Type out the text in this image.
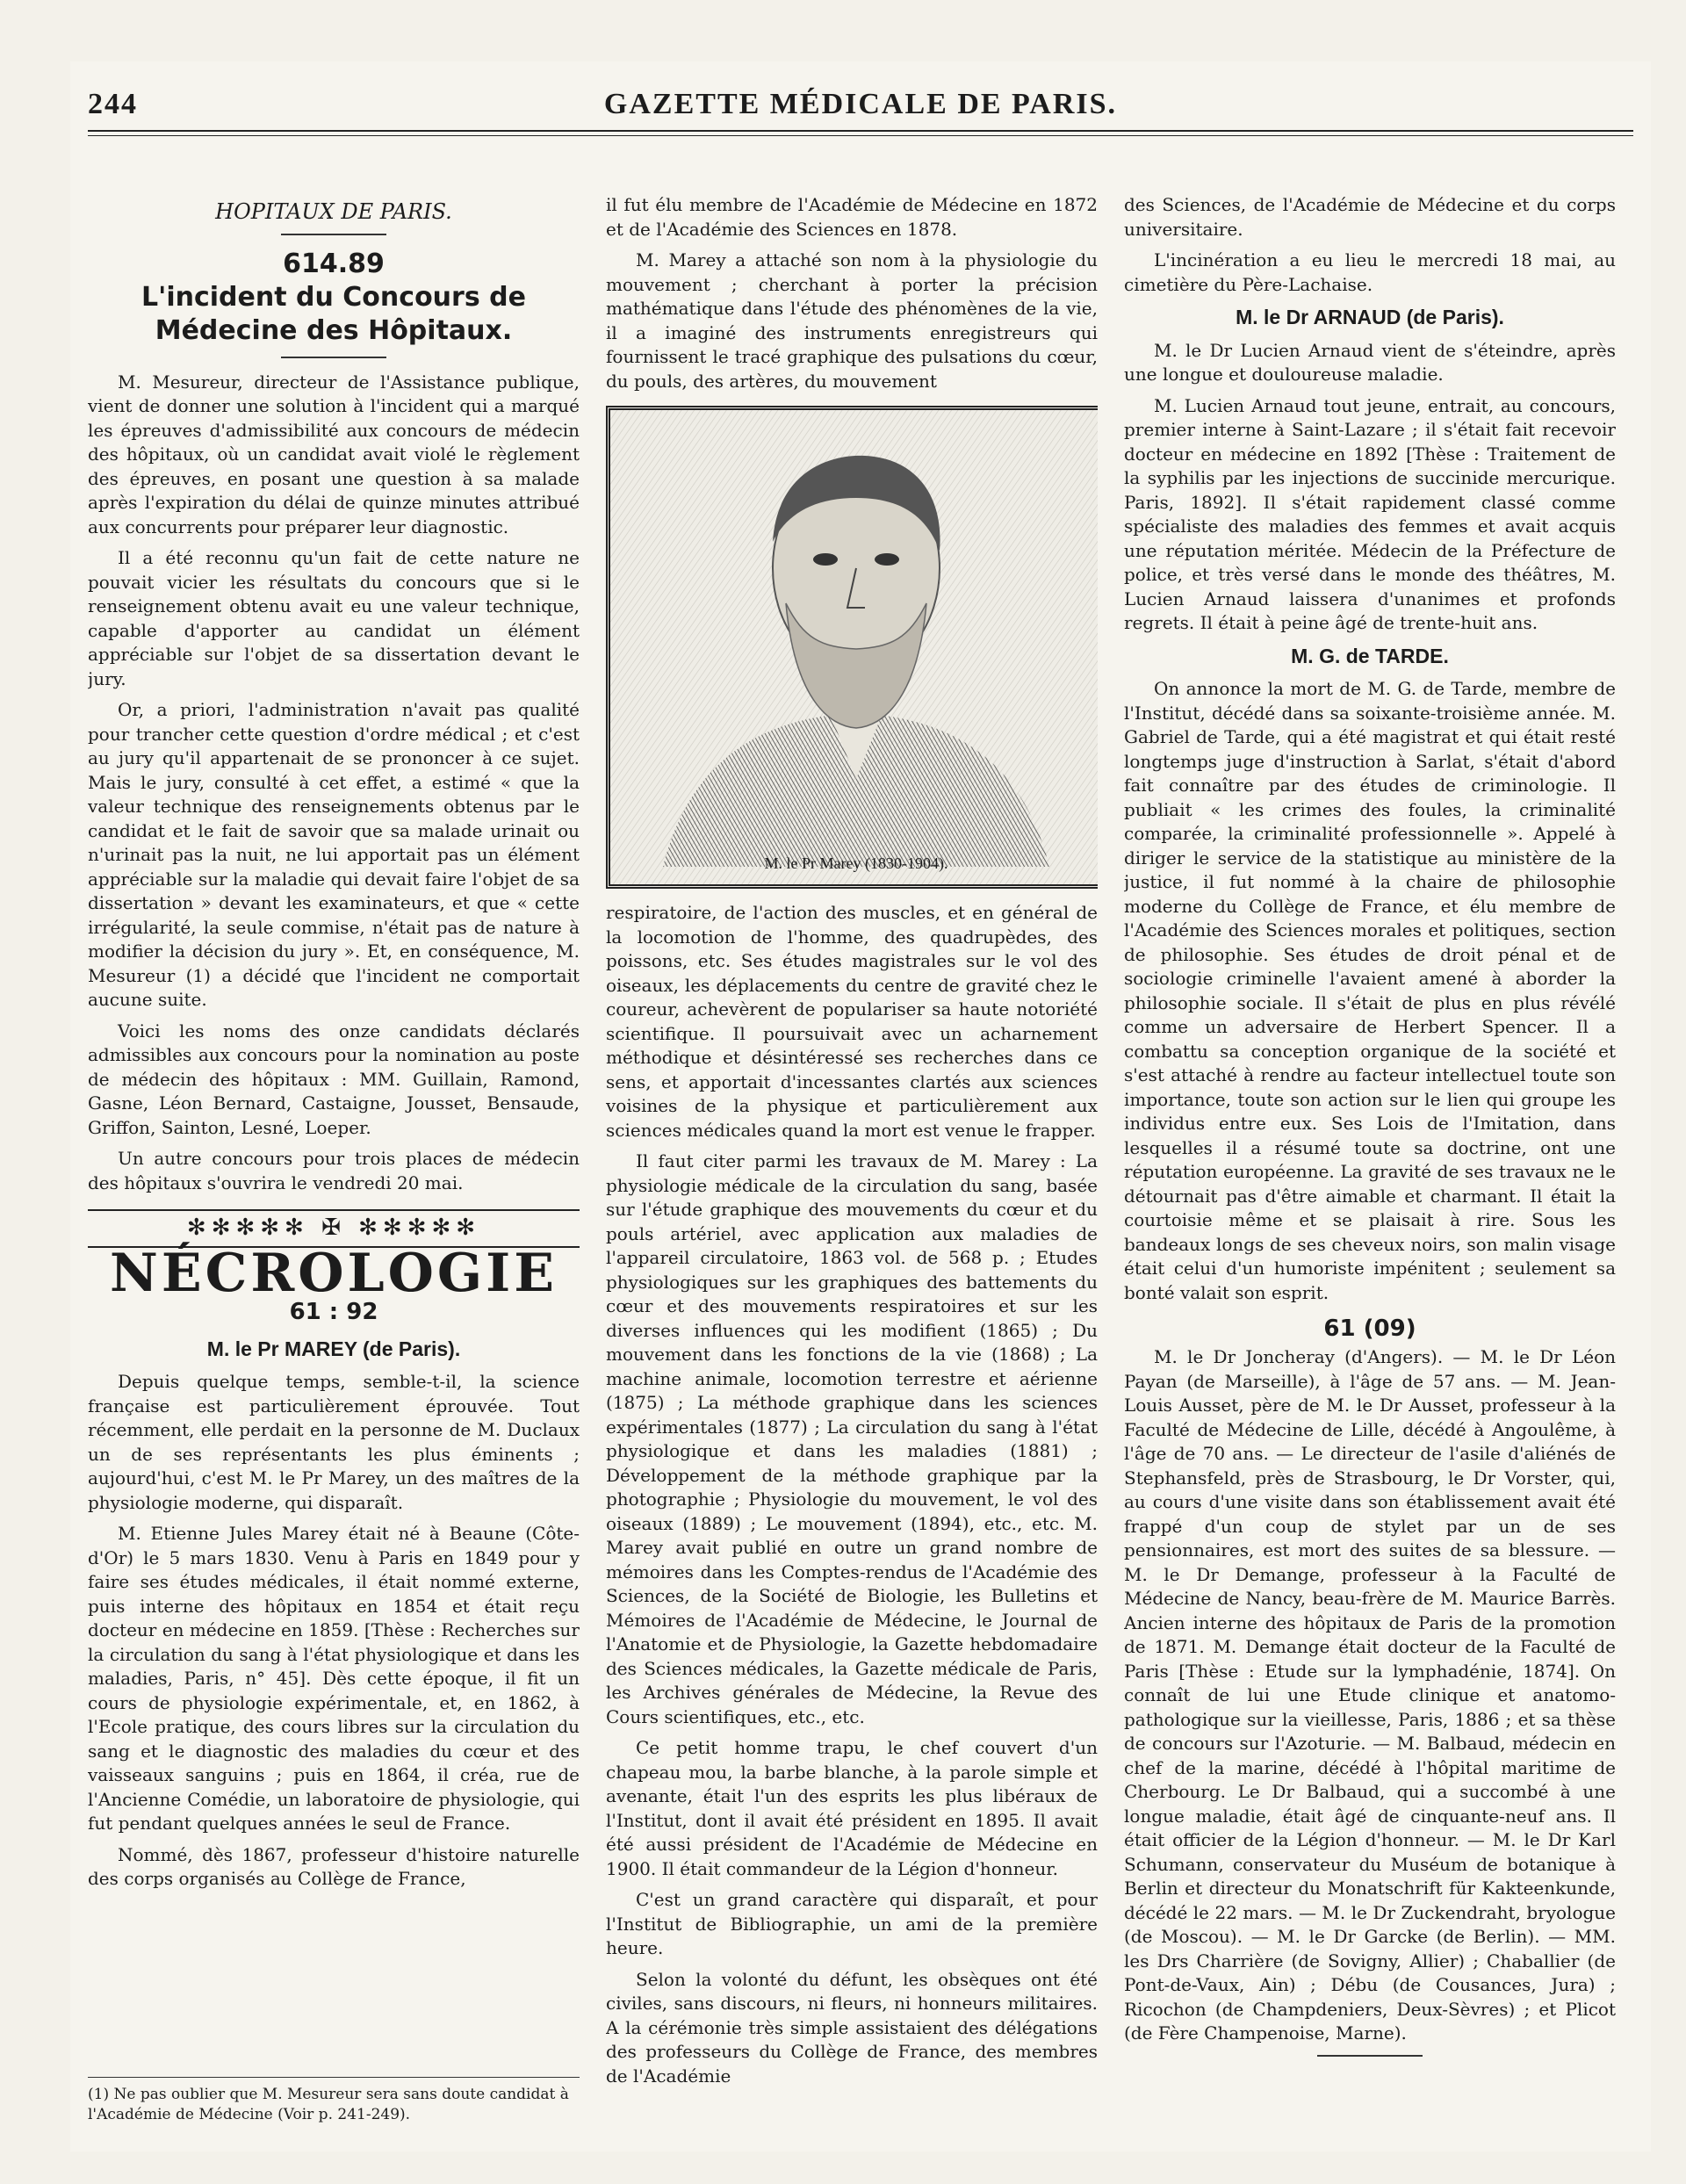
244	GAZETTE MÉDICALE DE PARIS.
HOPITAUX DE PARIS.
614.89
L'incident du Concours de Médecine des Hôpitaux.

M. Mesureur, directeur de l'Assistance publique, vient de donner une solution à l'incident qui a marqué les épreuves d'admissibilité aux concours de médecin des hôpitaux, où un candidat avait violé le règlement des épreuves, en posant une question à sa malade après l'expiration du délai de quinze minutes attribué aux concurrents pour préparer leur diagnostic.

Il a été reconnu qu'un fait de cette nature ne pouvait vicier les résultats du concours que si le renseignement obtenu avait eu une valeur technique, capable d'apporter au candidat un élément appréciable sur l'objet de sa dissertation devant le jury.

Or, a priori, l'administration n'avait pas qualité pour trancher cette question d'ordre médical ; et c'est au jury qu'il appartenait de se prononcer à ce sujet. Mais le jury, consulté à cet effet, a estimé « que la valeur technique des renseignements obtenus par le candidat et le fait de savoir que sa malade urinait ou n'urinait pas la nuit, ne lui apportait pas un élément appréciable sur la maladie qui devait faire l'objet de sa dissertation » devant les examinateurs, et que « cette irrégularité, la seule commise, n'était pas de nature à modifier la décision du jury ». Et, en conséquence, M. Mesureur (1) a décidé que l'incident ne comportait aucune suite.

Voici les noms des onze candidats déclarés admissibles aux concours pour la nomination au poste de médecin des hôpitaux : MM. Guillain, Ramond, Gasne, Léon Bernard, Castaigne, Jousset, Bensaude, Griffon, Sainton, Lesné, Loeper.

Un autre concours pour trois places de médecin des hôpitaux s'ouvrira le vendredi 20 mai.

✻✻✻✻✻ ✠ ✻✻✻✻✻
NÉCROLOGIE
61 : 92
M. le Pr MAREY (de Paris).

Depuis quelque temps, semble-t-il, la science française est particulièrement éprouvée. Tout récemment, elle perdait en la personne de M. Duclaux un de ses représentants les plus éminents ; aujourd'hui, c'est M. le Pr Marey, un des maîtres de la physiologie moderne, qui disparaît.

M. Etienne Jules Marey était né à Beaune (Côte-d'Or) le 5 mars 1830. Venu à Paris en 1849 pour y faire ses études médicales, il était nommé externe, puis interne des hôpitaux en 1854 et était reçu docteur en médecine en 1859. [Thèse : Recherches sur la circulation du sang à l'état physiologique et dans les maladies, Paris, n° 45]. Dès cette époque, il fit un cours de physiologie expérimentale, et, en 1862, à l'Ecole pratique, des cours libres sur la circulation du sang et le diagnostic des maladies du cœur et des vaisseaux sanguins ; puis en 1864, il créa, rue de l'Ancienne Comédie, un laboratoire de physiologie, qui fut pendant quelques années le seul de France.

Nommé, dès 1867, professeur d'histoire naturelle des corps organisés au Collège de France,

(1) Ne pas oublier que M. Mesureur sera sans doute candidat à l'Académie de Médecine (Voir p. 241-249).

il fut élu membre de l'Académie de Médecine en 1872 et de l'Académie des Sciences en 1878.

M. Marey a attaché son nom à la physiologie du mouvement ; cherchant à porter la précision mathématique dans l'étude des phénomènes de la vie, il a imaginé des instruments enregistreurs qui fournissent le tracé graphique des pulsations du cœur, du pouls, des artères, du mouvement

M. le Pr Marey (1830-1904).

respiratoire, de l'action des muscles, et en général de la locomotion de l'homme, des quadrupèdes, des poissons, etc. Ses études magistrales sur le vol des oiseaux, les déplacements du centre de gravité chez le coureur, achevèrent de populariser sa haute notoriété scientifique. Il poursuivait avec un acharnement méthodique et désintéressé ses recherches dans ce sens, et apportait d'incessantes clartés aux sciences voisines de la physique et particulièrement aux sciences médicales quand la mort est venue le frapper.

Il faut citer parmi les travaux de M. Marey : La physiologie médicale de la circulation du sang, basée sur l'étude graphique des mouvements du cœur et du pouls artériel, avec application aux maladies de l'appareil circulatoire, 1863 vol. de 568 p. ; Etudes physiologiques sur les graphiques des battements du cœur et des mouvements respiratoires et sur les diverses influences qui les modifient (1865) ; Du mouvement dans les fonctions de la vie (1868) ; La machine animale, locomotion terrestre et aérienne (1875) ; La méthode graphique dans les sciences expérimentales (1877) ; La circulation du sang à l'état physiologique et dans les maladies (1881) ; Développement de la méthode graphique par la photographie ; Physiologie du mouvement, le vol des oiseaux (1889) ; Le mouvement (1894), etc., etc. M. Marey avait publié en outre un grand nombre de mémoires dans les Comptes-rendus de l'Académie des Sciences, de la Société de Biologie, les Bulletins et Mémoires de l'Académie de Médecine, le Journal de l'Anatomie et de Physiologie, la Gazette hebdomadaire des Sciences médicales, la Gazette médicale de Paris, les Archives générales de Médecine, la Revue des Cours scientifiques, etc., etc.

Ce petit homme trapu, le chef couvert d'un chapeau mou, la barbe blanche, à la parole simple et avenante, était l'un des esprits les plus libéraux de l'Institut, dont il avait été président en 1895. Il avait été aussi président de l'Académie de Médecine en 1900. Il était commandeur de la Légion d'honneur.

C'est un grand caractère qui disparaît, et pour l'Institut de Bibliographie, un ami de la première heure.

Selon la volonté du défunt, les obsèques ont été civiles, sans discours, ni fleurs, ni honneurs militaires. A la cérémonie très simple assistaient des délégations des professeurs du Collège de France, des membres de l'Académie

des Sciences, de l'Académie de Médecine et du corps universitaire.

L'incinération a eu lieu le mercredi 18 mai, au cimetière du Père-Lachaise.

M. le Dr ARNAUD (de Paris).

M. le Dr Lucien Arnaud vient de s'éteindre, après une longue et douloureuse maladie.

M. Lucien Arnaud tout jeune, entrait, au concours, premier interne à Saint-Lazare ; il s'était fait recevoir docteur en médecine en 1892 [Thèse : Traitement de la syphilis par les injections de succinide mercurique. Paris, 1892]. Il s'était rapidement classé comme spécialiste des maladies des femmes et avait acquis une réputation méritée. Médecin de la Préfecture de police, et très versé dans le monde des théâtres, M. Lucien Arnaud laissera d'unanimes et profonds regrets. Il était à peine âgé de trente-huit ans.

M. G. de TARDE.

On annonce la mort de M. G. de Tarde, membre de l'Institut, décédé dans sa soixante-troisième année. M. Gabriel de Tarde, qui a été magistrat et qui était resté longtemps juge d'instruction à Sarlat, s'était d'abord fait connaître par des études de criminologie. Il publiait « les crimes des foules, la criminalité comparée, la criminalité professionnelle ». Appelé à diriger le service de la statistique au ministère de la justice, il fut nommé à la chaire de philosophie moderne du Collège de France, et élu membre de l'Académie des Sciences morales et politiques, section de philosophie. Ses études de droit pénal et de sociologie criminelle l'avaient amené à aborder la philosophie sociale. Il s'était de plus en plus révélé comme un adversaire de Herbert Spencer. Il a combattu sa conception organique de la société et s'est attaché à rendre au facteur intellectuel toute son importance, toute son action sur le lien qui groupe les individus entre eux. Ses Lois de l'Imitation, dans lesquelles il a résumé toute sa doctrine, ont une réputation européenne. La gravité de ses travaux ne le détournait pas d'être aimable et charmant. Il était la courtoisie même et se plaisait à rire. Sous les bandeaux longs de ses cheveux noirs, son malin visage était celui d'un humoriste impénitent ; seulement sa bonté valait son esprit.

61 (09)

M. le Dr Joncheray (d'Angers). — M. le Dr Léon Payan (de Marseille), à l'âge de 57 ans. — M. Jean-Louis Ausset, père de M. le Dr Ausset, professeur à la Faculté de Médecine de Lille, décédé à Angoulême, à l'âge de 70 ans. — Le directeur de l'asile d'aliénés de Stephansfeld, près de Strasbourg, le Dr Vorster, qui, au cours d'une visite dans son établissement avait été frappé d'un coup de stylet par un de ses pensionnaires, est mort des suites de sa blessure. — M. le Dr Demange, professeur à la Faculté de Médecine de Nancy, beau-frère de M. Maurice Barrès. Ancien interne des hôpitaux de Paris de la promotion de 1871. M. Demange était docteur de la Faculté de Paris [Thèse : Etude sur la lymphadénie, 1874]. On connaît de lui une Etude clinique et anatomo-pathologique sur la vieillesse, Paris, 1886 ; et sa thèse de concours sur l'Azoturie. — M. Balbaud, médecin en chef de la marine, décédé à l'hôpital maritime de Cherbourg. Le Dr Balbaud, qui a succombé à une longue maladie, était âgé de cinquante-neuf ans. Il était officier de la Légion d'honneur. — M. le Dr Karl Schumann, conservateur du Muséum de botanique à Berlin et directeur du Monatschrift für Kakteenkunde, décédé le 22 mars. — M. le Dr Zuckendraht, bryologue (de Moscou). — M. le Dr Garcke (de Berlin). — MM. les Drs Charrière (de Sovigny, Allier) ; Chaballier (de Pont-de-Vaux, Ain) ; Débu (de Cousances, Jura) ; Ricochon (de Champdeniers, Deux-Sèvres) ; et Plicot (de Fère Champenoise, Marne).
